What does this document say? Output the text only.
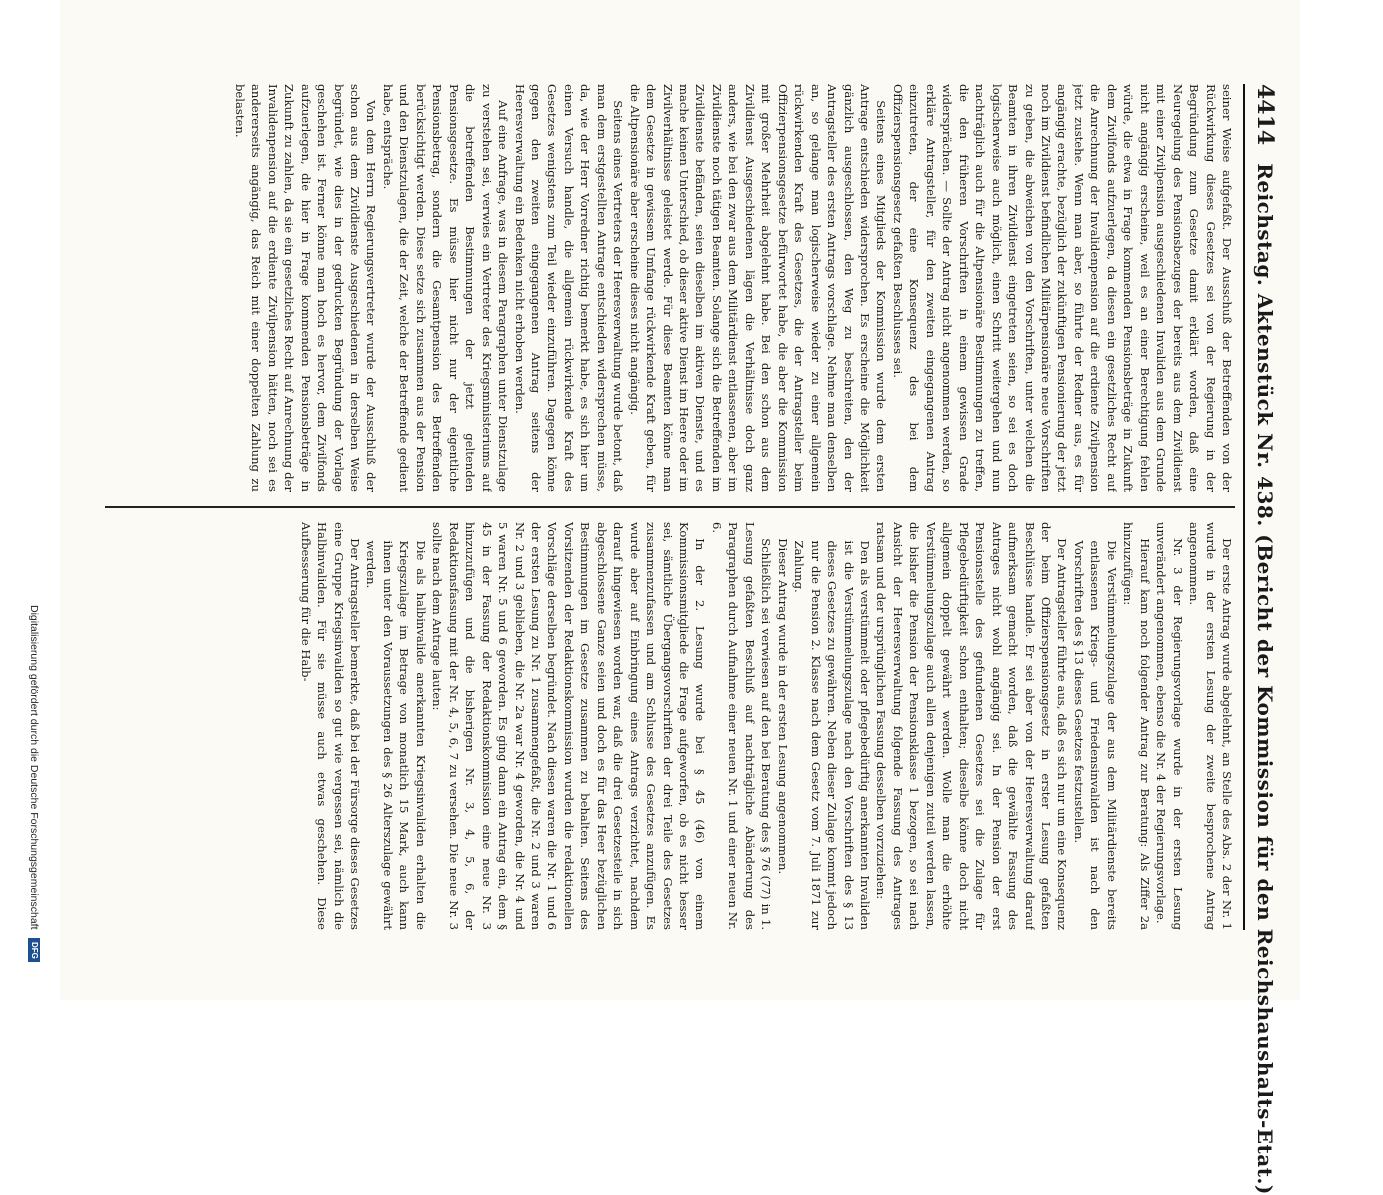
Digitalisierung gefördert durch die Deutsche Forschungsgemeinschaft DFG
4414
Reichstag. Aktenstück Nr. 438. (Bericht der Kommission für den Reichshaushalts-Etat.)

seiner Weise aufgefaßt. Der Ausschuß der Betreffenden von der Rückwirkung dieses Gesetzes sei von der Regierung in der Begründung zum Gesetze damit erklärt worden, daß eine Neuregelung des Pensionsbezuges der bereits aus dem Zivildienst mit einer Zivilpension ausgeschiedenen Invaliden aus dem Grunde nicht angängig erscheine, weil es an einer Berechtigung fehlen würde, die etwa in Frage kommenden Pensionsbeträge in Zukunft dem Zivilfonds aufzuerlegen, da diesen ein gesetzliches Recht auf die Anrechnung der Invalidenpension auf die erdiente Zivilpension jetzt zustehe. Wenn man aber, so führte der Redner aus, es für angängig erachte, bezüglich der zukünftigen Pensionierung der jetzt noch im Zivildienst befindlichen Militärpensionäre neue Vorschriften zu geben, die abweichen von den Vorschriften, unter welchen die Beamten in ihren Zivildienst eingetreten seien, so sei es doch logischerweise auch möglich, einen Schritt weitergehen und nun nachträglich auch für die Altpensionäre Bestimmungen zu treffen, die den früheren Vorschriften in einem gewissen Grade widersprächen. — Sollte der Antrag nicht angenommen werden, so erkläre Antragsteller, für den zweiten eingegangenen Antrag einzutreten, der eine Konsequenz des bei dem Offizierspensionsgesetz gefaßten Beschlusses sei.

Seitens eines Mitglieds der Kommission wurde dem ersten Antrage entschieden widersprochen. Es erscheine die Möglichkeit gänzlich ausgeschlossen, den Weg zu beschreiten, den der Antragsteller des ersten Antrags vorschlage. Nehme man denselben an, so gelange man logischerweise wieder zu einer allgemein rückwirkenden Kraft des Gesetzes, die der Antragsteller beim Offizierpensionsgesetze befürwortet habe, die aber die Kommission mit großer Mehrheit abgelehnt habe. Bei den schon aus dem Zivildienst Ausgeschiedenen lägen die Verhältnisse doch ganz anders, wie bei den zwar aus dem Militärdienst entlassenen, aber im Zivildienste noch tätigen Beamten. Solange sich die Betreffenden im Zivildienste befänden, seien dieselben im aktiven Dienste, und es mache keinen Unterschied, ob dieser aktive Dienst im Heere oder im Zivilverhältnisse geleistet werde. Für diese Beamten könne man dem Gesetze in gewissem Umfange rückwirkende Kraft geben, für die Altpensionäre aber erscheine dieses nicht angängig.

Seitens eines Vertreters der Heeresverwaltung wurde betont, daß man dem erstgestellten Antrage entschieden widersprechen müsse, da, wie der Herr Vorredner richtig bemerkt habe, es sich hier um einen Versuch handle, die allgemein rückwirkende Kraft des Gesetzes wenigstens zum Teil wieder einzuführen. Dagegen könne gegen den zweiten eingegangenen Antrag seitens der Heeresverwaltung ein Bedenken nicht erhoben werden.

Auf eine Anfrage, was in diesem Paragraphen unter Dienstzulage zu verstehen sei, verwies ein Vertreter des Kriegsministeriums auf die betreffenden Bestimmungen der jetzt geltenden Pensionsgesetze. Es müsse hier nicht nur der eigentliche Pensionsbetrag, sondern die Gesamtpension des Betreffenden berücksichtigt werden. Diese setze sich zusammen aus der Pension und den Dienstzulagen, die der Zeit, welche der Betreffende gedient habe, entspräche.

Von dem Herrn Regierungsvertreter wurde der Ausschluß der schon aus dem Zivildienste Ausgeschiedenen in derselben Weise begründet, wie dies in der gedruckten Begründung der Vorlage geschehen ist. Ferner könne man hoch es hervor, dem Zivilfonds aufzuerlegen, die hier in Frage kommenden Pensionsbeträge in Zukunft zu zahlen, da sie ein gesetzliches Recht auf Anrechnung der Invalidenpension auf die erdiente Zivilpension hätten, noch sei es andererseits angängig, das Reich mit einer doppelten Zahlung zu belasten.

Der erste Antrag wurde abgelehnt, an Stelle des Abs. 2 der Nr. 1 wurde in der ersten Lesung der zweite besprochene Antrag angenommen.

Nr. 3 der Regierungsvorlage wurde in der ersten Lesung unverändert angenommen, ebenso die Nr. 4 der Regierungsvorlage.

Hierauf kam noch folgender Antrag zur Beratung: Als Ziffer 2a hinzuzufügen:

Die Verstümmelungszulage der aus dem Militärdienste bereits entlassenen Kriegs- und Friedensinvaliden ist nach den Vorschriften des § 13 dieses Gesetzes festzustellen.

Der Antragsteller führte aus, daß es sich nur um eine Konsequenz der beim Offizierspensionsgesetz in erster Lesung gefaßten Beschlüsse handle. Er sei aber von der Heeresverwaltung darauf aufmerksam gemacht worden, daß die gewählte Fassung des Antrages nicht wohl angängig sei. In der Pension der erst Pensionsstelle des gefundenen Gesetzes sei die Zulage für Pflegebedürftigkeit schon enthalten; dieselbe könne doch nicht allgemein doppelt gewährt werden. Wolle man die erhöhte Verstümmelungszulage auch allen denjenigen zuteil werden lassen, die bisher die Pension der Pensionsklasse 1 bezogen, so sei nach Ansicht der Heeresverwaltung folgende Fassung des Antrages ratsam und der ursprünglichen Fassung desselben vorzuziehen:

Den als verstümmelt oder pflegebedürftig anerkannten Invaliden ist die Verstümmelungszulage nach den Vorschriften des § 13 dieses Gesetzes zu gewähren. Neben dieser Zulage kommt jedoch nur die Pension 2. Klasse nach dem Gesetz vom 7. Juli 1871 zur Zahlung.

Dieser Antrag wurde in der ersten Lesung angenommen.

Schließlich sei verwiesen auf den bei Beratung des § 76 (77) in 1. Lesung gefaßten Beschluß auf nachträgliche Abänderung des Paragraphen durch Aufnahme einer neuen Nr. 1 und einer neuen Nr. 6.

In der 2. Lesung wurde bei § 45 (46) von einem Kommissionsmitgliede die Frage aufgeworfen, ob es nicht besser sei, sämtliche Übergangsvorschriften der drei Teile des Gesetzes zusammenzufassen und am Schlusse des Gesetzes anzufügen. Es wurde aber auf Einbringung eines Antrags verzichtet, nachdem darauf hingewiesen worden war, daß die drei Gesetzesteile in sich abgeschlossene Ganze seien und doch es für das Heer bezüglichen Bestimmungen im Gesetze zusammen zu behalten. Seitens des Vorsitzenden der Redaktionskommission wurden die redaktionellen Vorschläge derselben begründet. Nach diesen waren die Nr. 1 und 6 der ersten Lesung zu Nr. 1 zusammengefaßt, die Nr. 2 und 3 waren Nr. 2 und 3 geblieben, die Nr. 2a war Nr. 4 geworden, die Nr. 4 und 5 waren Nr. 5 und 6 geworden. Es ging dann ein Antrag ein, dem § 45 in der Fassung der Redaktionskommission eine neue Nr. 3 hinzuzufügen und die bisherigen Nr. 3, 4, 5, 6, der Redaktionsfassung mit der Nr. 4, 5, 6, 7 zu versehen. Die neue Nr. 3 sollte nach dem Antrage lauten:

Die als halbinvalide anerkannten Kriegsinvaliden erhalten die Kriegszulage im Betrage von monatlich 15 Mark, auch kann ihnen unter den Voraussetzungen des § 26 Alterszulage gewährt werden.

Der Antragsteller bemerkte, daß bei der Fürsorge dieses Gesetzes eine Gruppe Kriegsinvaliden so gut wie vergessen sei, nämlich die Halbinvaliden. Für sie müsse auch etwas geschehen. Diese Aufbesserung für die Halb-
